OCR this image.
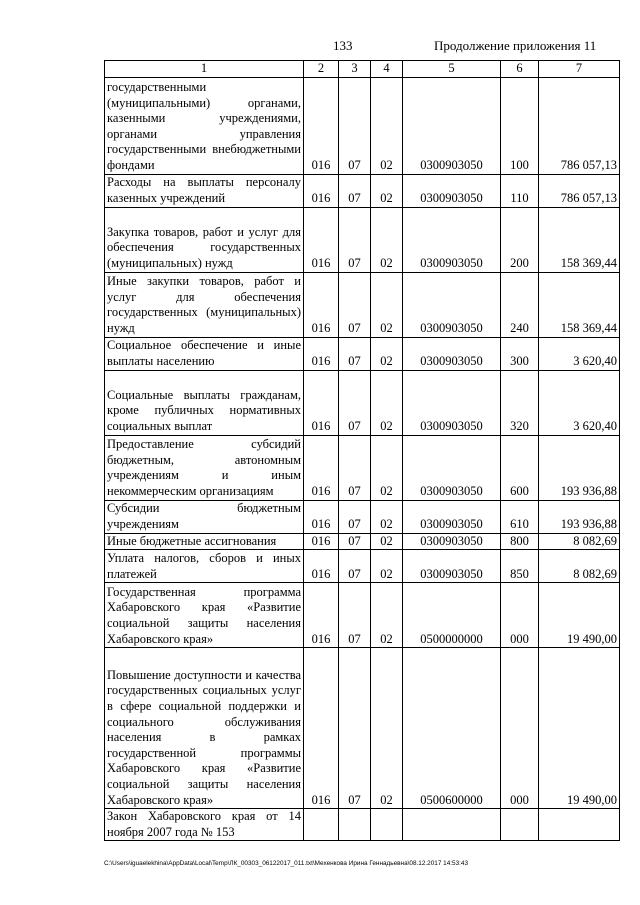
133	Продолжение приложения 11
1	2	3	4	5	6	7
государственными (муниципальными) органами, казенными учреждениями, органами управления государственными внебюджетными фондами	016	07	02	0300903050	100	786 057,13
Расходы на выплаты персоналу казенных учреждений	016	07	02	0300903050	110	786 057,13
Закупка товаров, работ и услуг для обеспечения государственных (муниципальных) нужд	016	07	02	0300903050	200	158 369,44
Иные закупки товаров, работ и услуг для обеспечения государственных (муниципальных) нужд	016	07	02	0300903050	240	158 369,44
Социальное обеспечение и иные выплаты населению	016	07	02	0300903050	300	3 620,40
Социальные выплаты гражданам, кроме публичных нормативных социальных выплат	016	07	02	0300903050	320	3 620,40
Предоставление субсидий бюджетным, автономным учреждениям и иным некоммерческим организациям	016	07	02	0300903050	600	193 936,88
Субсидии бюджетным учреждениям	016	07	02	0300903050	610	193 936,88
Иные бюджетные ассигнования	016	07	02	0300903050	800	8 082,69
Уплата налогов, сборов и иных платежей	016	07	02	0300903050	850	8 082,69
Государственная программа Хабаровского края «Развитие социальной защиты населения Хабаровского края»	016	07	02	0500000000	000	19 490,00
Повышение доступности и качества государственных социальных услуг в сфере социальной поддержки и социального обслуживания населения в рамках государственной программы Хабаровского края «Развитие социальной защиты населения Хабаровского края»	016	07	02	0500600000	000	19 490,00
Закон Хабаровского края от 14 ноября 2007 года № 153						
C:\Users\iguaelekhina\AppData\Local\Temp\ЛК_00303_06122017_011.txt\Мехенкова Ирина Геннадьевна\08.12.2017 14:53:43
